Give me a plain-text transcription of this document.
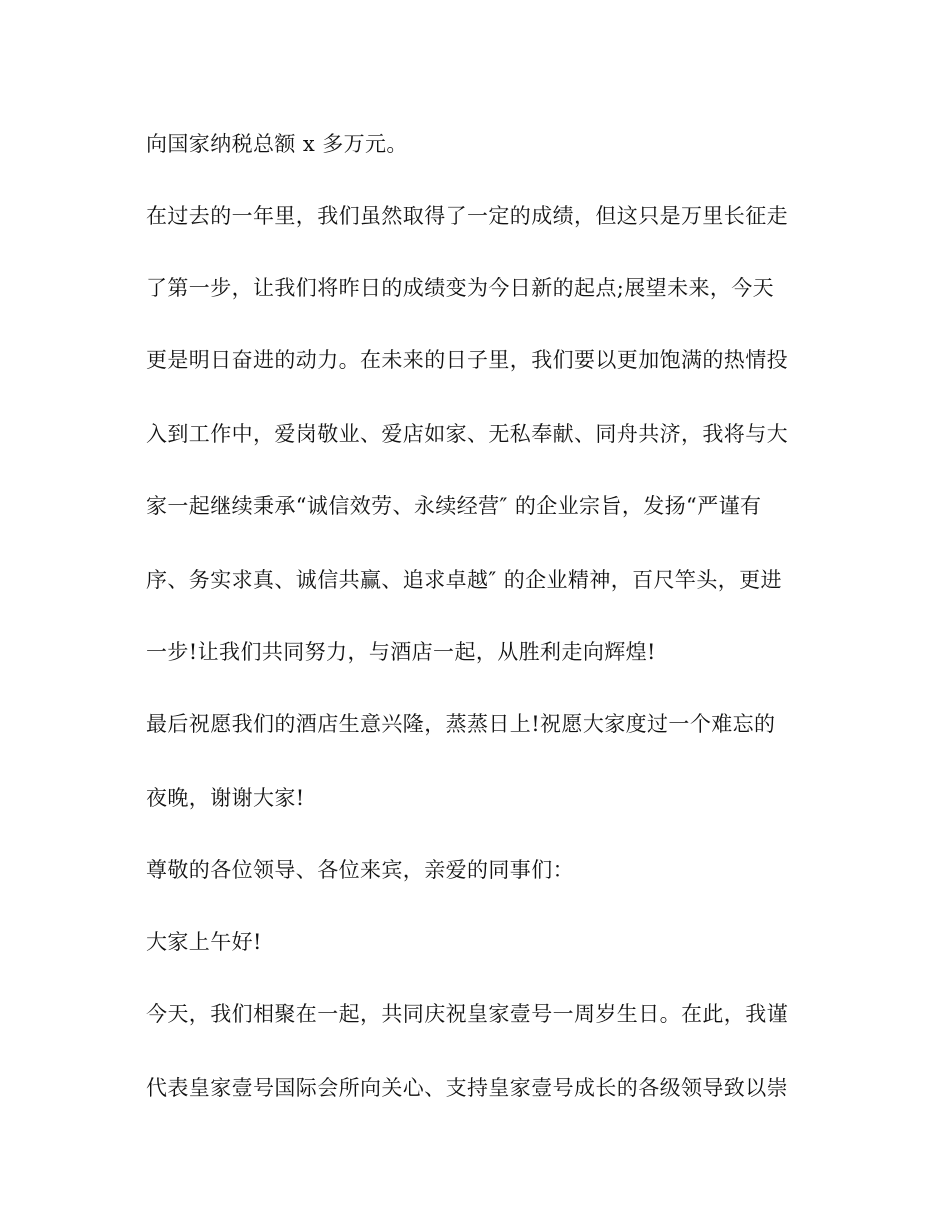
向国家纳税总额 x 多万元。
在过去的一年里，我们虽然取得了一定的成绩，但这只是万里长征走
了第一步，让我们将昨日的成绩变为今日新的起点;展望未来，今天
更是明日奋进的动力。在未来的日子里，我们要以更加饱满的热情投
入到工作中，爱岗敬业、爱店如家、无私奉献、同舟共济，我将与大
家一起继续秉承“诚信效劳、永续经营″ 的企业宗旨，发扬“严谨有
序、务实求真、诚信共赢、追求卓越″ 的企业精神，百尺竿头，更进
一步!让我们共同努力，与酒店一起，从胜利走向辉煌!
最后祝愿我们的酒店生意兴隆，蒸蒸日上!祝愿大家度过一个难忘的
夜晚，谢谢大家!
尊敬的各位领导、各位来宾，亲爱的同事们：
大家上午好!
今天，我们相聚在一起，共同庆祝皇家壹号一周岁生日。在此，我谨
代表皇家壹号国际会所向关心、支持皇家壹号成长的各级领导致以崇
